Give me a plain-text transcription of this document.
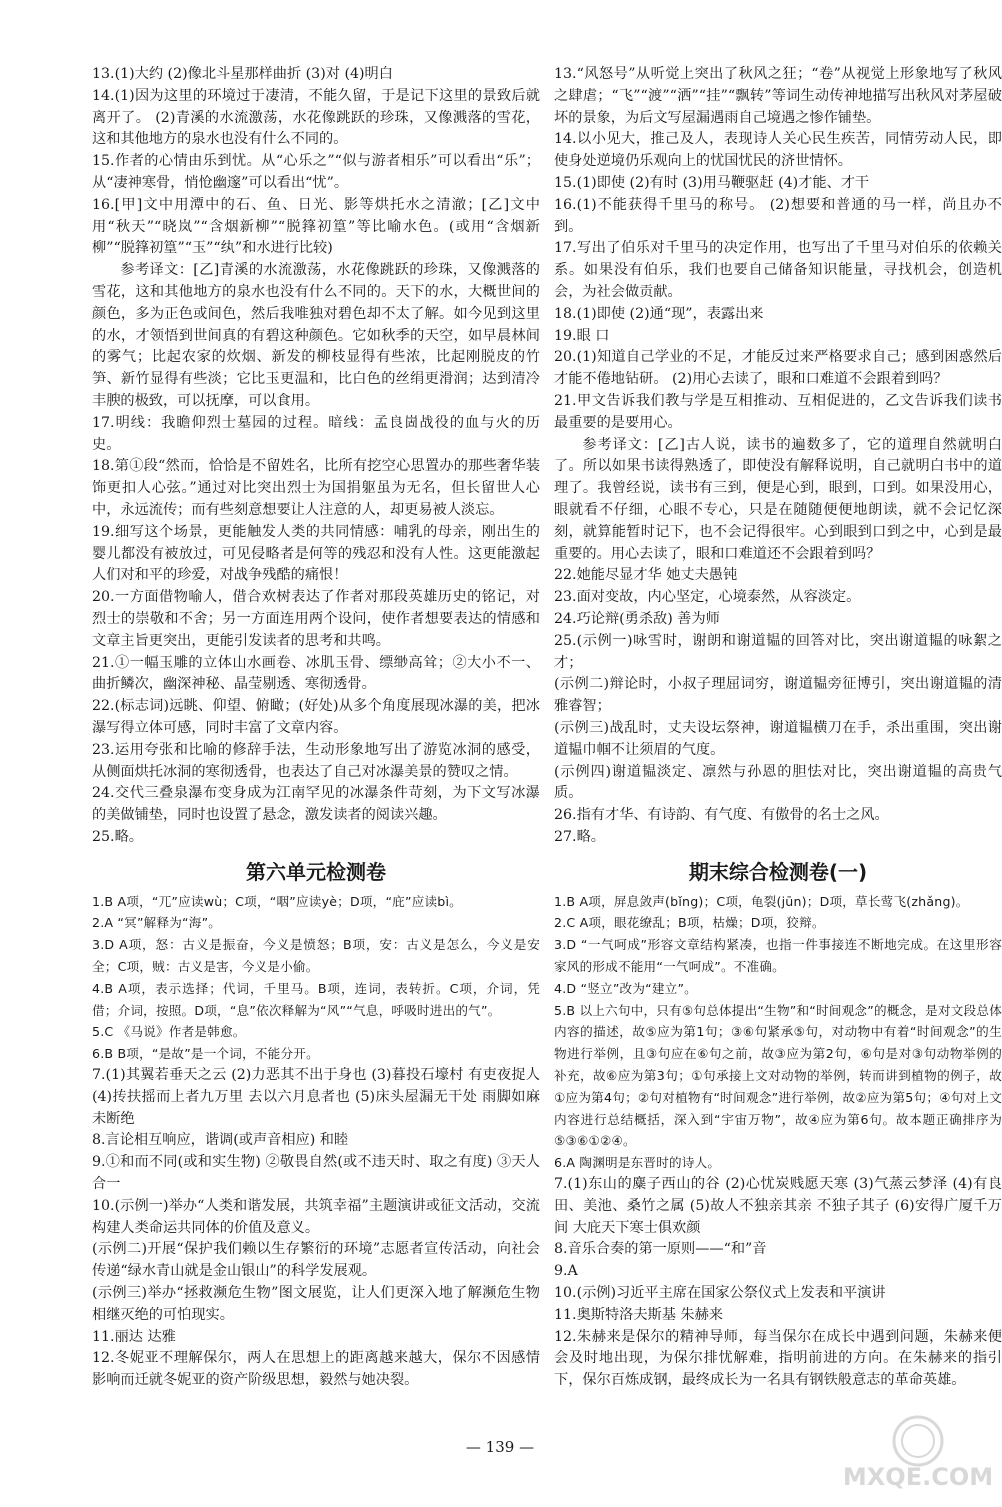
13.(1)大约 (2)像北斗星那样曲折 (3)对 (4)明白

14.(1)因为这里的环境过于凄清，不能久留，于是记下这里的景致后就离开了。 (2)青溪的水流激荡，水花像跳跃的珍珠，又像溅落的雪花，这和其他地方的泉水也没有什么不同的。

15.作者的心情由乐到忧。从“心乐之”“似与游者相乐”可以看出“乐”；从“凄神寒骨，悄怆幽邃”可以看出“忧”。

16.[甲]文中用潭中的石、鱼、日光、影等烘托水之清澈；[乙]文中用“秋天”“晓岚”“含烟新柳”“脱箨初篁”等比喻水色。(或用“含烟新柳”“脱箨初篁”“玉”“纨”和水进行比较)

参考译文：[乙]青溪的水流激荡，水花像跳跃的珍珠，又像溅落的雪花，这和其他地方的泉水也没有什么不同的。天下的水，大概世间的颜色，多为正色或间色，然后我唯独对碧色却不太了解。如今见到这里的水，才领悟到世间真的有碧这种颜色。它如秋季的天空，如早晨林间的雾气；比起农家的炊烟、新发的柳枝显得有些浓，比起刚脱皮的竹笋、新竹显得有些淡；它比玉更温和，比白色的丝绢更滑润；达到清冷丰腴的极致，可以抚摩，可以食用。

17.明线：我瞻仰烈士墓园的过程。暗线：孟良崮战役的血与火的历史。

18.第①段“然而，恰恰是不留姓名，比所有挖空心思置办的那些奢华装饰更扣人心弦。”通过对比突出烈士为国捐躯虽为无名，但长留世人心中，永远流传；而有些刻意想要让人注意的人，却更易被人淡忘。

19.细写这个场景，更能触发人类的共同情感：哺乳的母亲，刚出生的婴儿都没有被放过，可见侵略者是何等的残忍和没有人性。这更能激起人们对和平的珍爱，对战争残酷的痛恨！

20.一方面借物喻人，借合欢树表达了作者对那段英雄历史的铭记，对烈士的崇敬和不舍；另一方面连用两个设问，使作者想要表达的情感和文章主旨更突出，更能引发读者的思考和共鸣。

21.①一幅玉雕的立体山水画卷、冰肌玉骨、缥缈高耸；②大小不一、曲折鳞次，幽深神秘、晶莹剔透、寒彻透骨。

22.(标志词)远眺、仰望、俯瞰；(好处)从多个角度展现冰瀑的美，把冰瀑写得立体可感，同时丰富了文章内容。

23.运用夸张和比喻的修辞手法，生动形象地写出了游览冰洞的感受，从侧面烘托冰洞的寒彻透骨，也表达了自己对冰瀑美景的赞叹之情。

24.交代三叠泉瀑布变身成为江南罕见的冰瀑条件苛刻，为下文写冰瀑的美做铺垫，同时也设置了悬念，激发读者的阅读兴趣。

25.略。

第六单元检测卷

1.B A项，“兀”应读wù；C项，“咽”应读yè；D项，“庇”应读bì。

2.A “冥”解释为“海”。

3.D A项，怒：古义是振奋，今义是愤怒；B项，安：古义是怎么，今义是安全；C项，贼：古义是害，今义是小偷。

4.B A项，表示选择；代词，千里马。B项，连词，表转折。C项，介词，凭借；介词，按照。D项，“息”依次释解为“风”“气息，呼吸时进出的气”。

5.C 《马说》作者是韩愈。

6.B B项，“是故”是一个词，不能分开。

7.(1)其翼若垂天之云 (2)力恶其不出于身也 (3)暮投石壕村 有吏夜捉人 (4)抟扶摇而上者九万里 去以六月息者也 (5)床头屋漏无干处 雨脚如麻未断绝

8.言论相互响应，谐调(或声音相应) 和睦

9.①和而不同(或和实生物) ②敬畏自然(或不违天时、取之有度) ③天人合一

10.(示例一)举办“人类和谐发展，共筑幸福”主题演讲或征文活动，交流构建人类命运共同体的价值及意义。

(示例二)开展“保护我们赖以生存繁衍的环境”志愿者宣传活动，向社会传递“绿水青山就是金山银山”的科学发展观。

(示例三)举办“拯救濒危生物”图文展览，让人们更深入地了解濒危生物相继灭绝的可怕现实。

11.丽达 达雅

12.冬妮亚不理解保尔，两人在思想上的距离越来越大，保尔不因感情影响而迁就冬妮亚的资产阶级思想，毅然与她决裂。

13.“风怒号”从听觉上突出了秋风之狂；“卷”从视觉上形象地写了秋风之肆虐；“飞”“渡”“洒”“挂”“飘转”等词生动传神地描写出秋风对茅屋破坏的景象，为后文写屋漏遇雨自己境遇之惨作铺垫。

14.以小见大，推己及人，表现诗人关心民生疾苦，同情劳动人民，即使身处逆境仍乐观向上的忧国忧民的济世情怀。

15.(1)即使 (2)有时 (3)用马鞭驱赶 (4)才能、才干

16.(1)不能获得千里马的称号。 (2)想要和普通的马一样，尚且办不到。

17.写出了伯乐对千里马的决定作用，也写出了千里马对伯乐的依赖关系。如果没有伯乐，我们也要自己储备知识能量，寻找机会，创造机会，为社会做贡献。

18.(1)即使 (2)通“现”，表露出来

19.眼 口

20.(1)知道自己学业的不足，才能反过来严格要求自己；感到困惑然后才能不倦地钻研。 (2)用心去读了，眼和口难道不会跟着到吗？

21.甲文告诉我们教与学是互相推动、互相促进的，乙文告诉我们读书最重要的是要用心。

参考译文：[乙]古人说，读书的遍数多了，它的道理自然就明白了。所以如果书读得熟透了，即使没有解释说明，自己就明白书中的道理了。我曾经说，读书有三到，便是心到，眼到，口到。如果没用心，眼就看不仔细，心眼不专心，只是在随随便便地朗读，就不会记忆深刻，就算能暂时记下，也不会记得很牢。心到眼到口到之中，心到是最重要的。用心去读了，眼和口难道还不会跟着到吗？

22.她能尽显才华 她丈夫愚钝

23.面对变故，内心坚定，心境泰然，从容淡定。

24.巧论辩(勇杀敌) 善为师

25.(示例一)咏雪时，谢朗和谢道韫的回答对比，突出谢道韫的咏絮之才；

(示例二)辩论时，小叔子理屈词穷，谢道韫旁征博引，突出谢道韫的清雅睿智；

(示例三)战乱时，丈夫设坛祭神，谢道韫横刀在手，杀出重围，突出谢道韫巾帼不让须眉的气度。

(示例四)谢道韫淡定、凛然与孙恩的胆怯对比，突出谢道韫的高贵气质。

26.指有才华、有诗韵、有气度、有傲骨的名士之风。

27.略。

期末综合检测卷(一)

1.B A项，屏息敛声(bǐng)；C项，龟裂(jūn)；D项，草长莺飞(zhǎng)。

2.C A项，眼花缭乱；B项，枯燥；D项，狡辩。

3.D “一气呵成”形容文章结构紧凑，也指一件事接连不断地完成。在这里形容家风的形成不能用“一气呵成”。不准确。

4.D “竖立”改为“建立”。

5.B 以上六句中，只有⑤句总体提出“生物”和“时间观念”的概念，是对文段总体内容的描述，故⑤应为第1句；③⑥句紧承⑤句，对动物中有着“时间观念”的生物进行举例，且③句应在⑥句之前，故③应为第2句，⑥句是对③句动物举例的补充，故⑥应为第3句；①句承接上文对动物的举例，转而讲到植物的例子，故①应为第4句；②句对植物有“时间观念”进行举例，故②应为第5句；④句对上文内容进行总结概括，深入到“宇宙万物”，故④应为第6句。故本题正确排序为⑤③⑥①②④。

6.A 陶渊明是东晋时的诗人。

7.(1)东山的麋子西山的谷 (2)心忧炭贱愿天寒 (3)气蒸云梦泽 (4)有良田、美池、桑竹之属 (5)故人不独亲其亲 不独子其子 (6)安得广厦千万间 大庇天下寒士俱欢颜

8.音乐合奏的第一原则——“和”音

9.A

10.(示例)习近平主席在国家公祭仪式上发表和平演讲

11.奥斯特洛夫斯基 朱赫来

12.朱赫来是保尔的精神导师，每当保尔在成长中遇到问题，朱赫来便会及时地出现，为保尔排忧解难，指明前进的方向。在朱赫来的指引下，保尔百炼成钢，最终成长为一名具有钢铁般意志的革命英雄。

— 139 —
MXQE.COM
